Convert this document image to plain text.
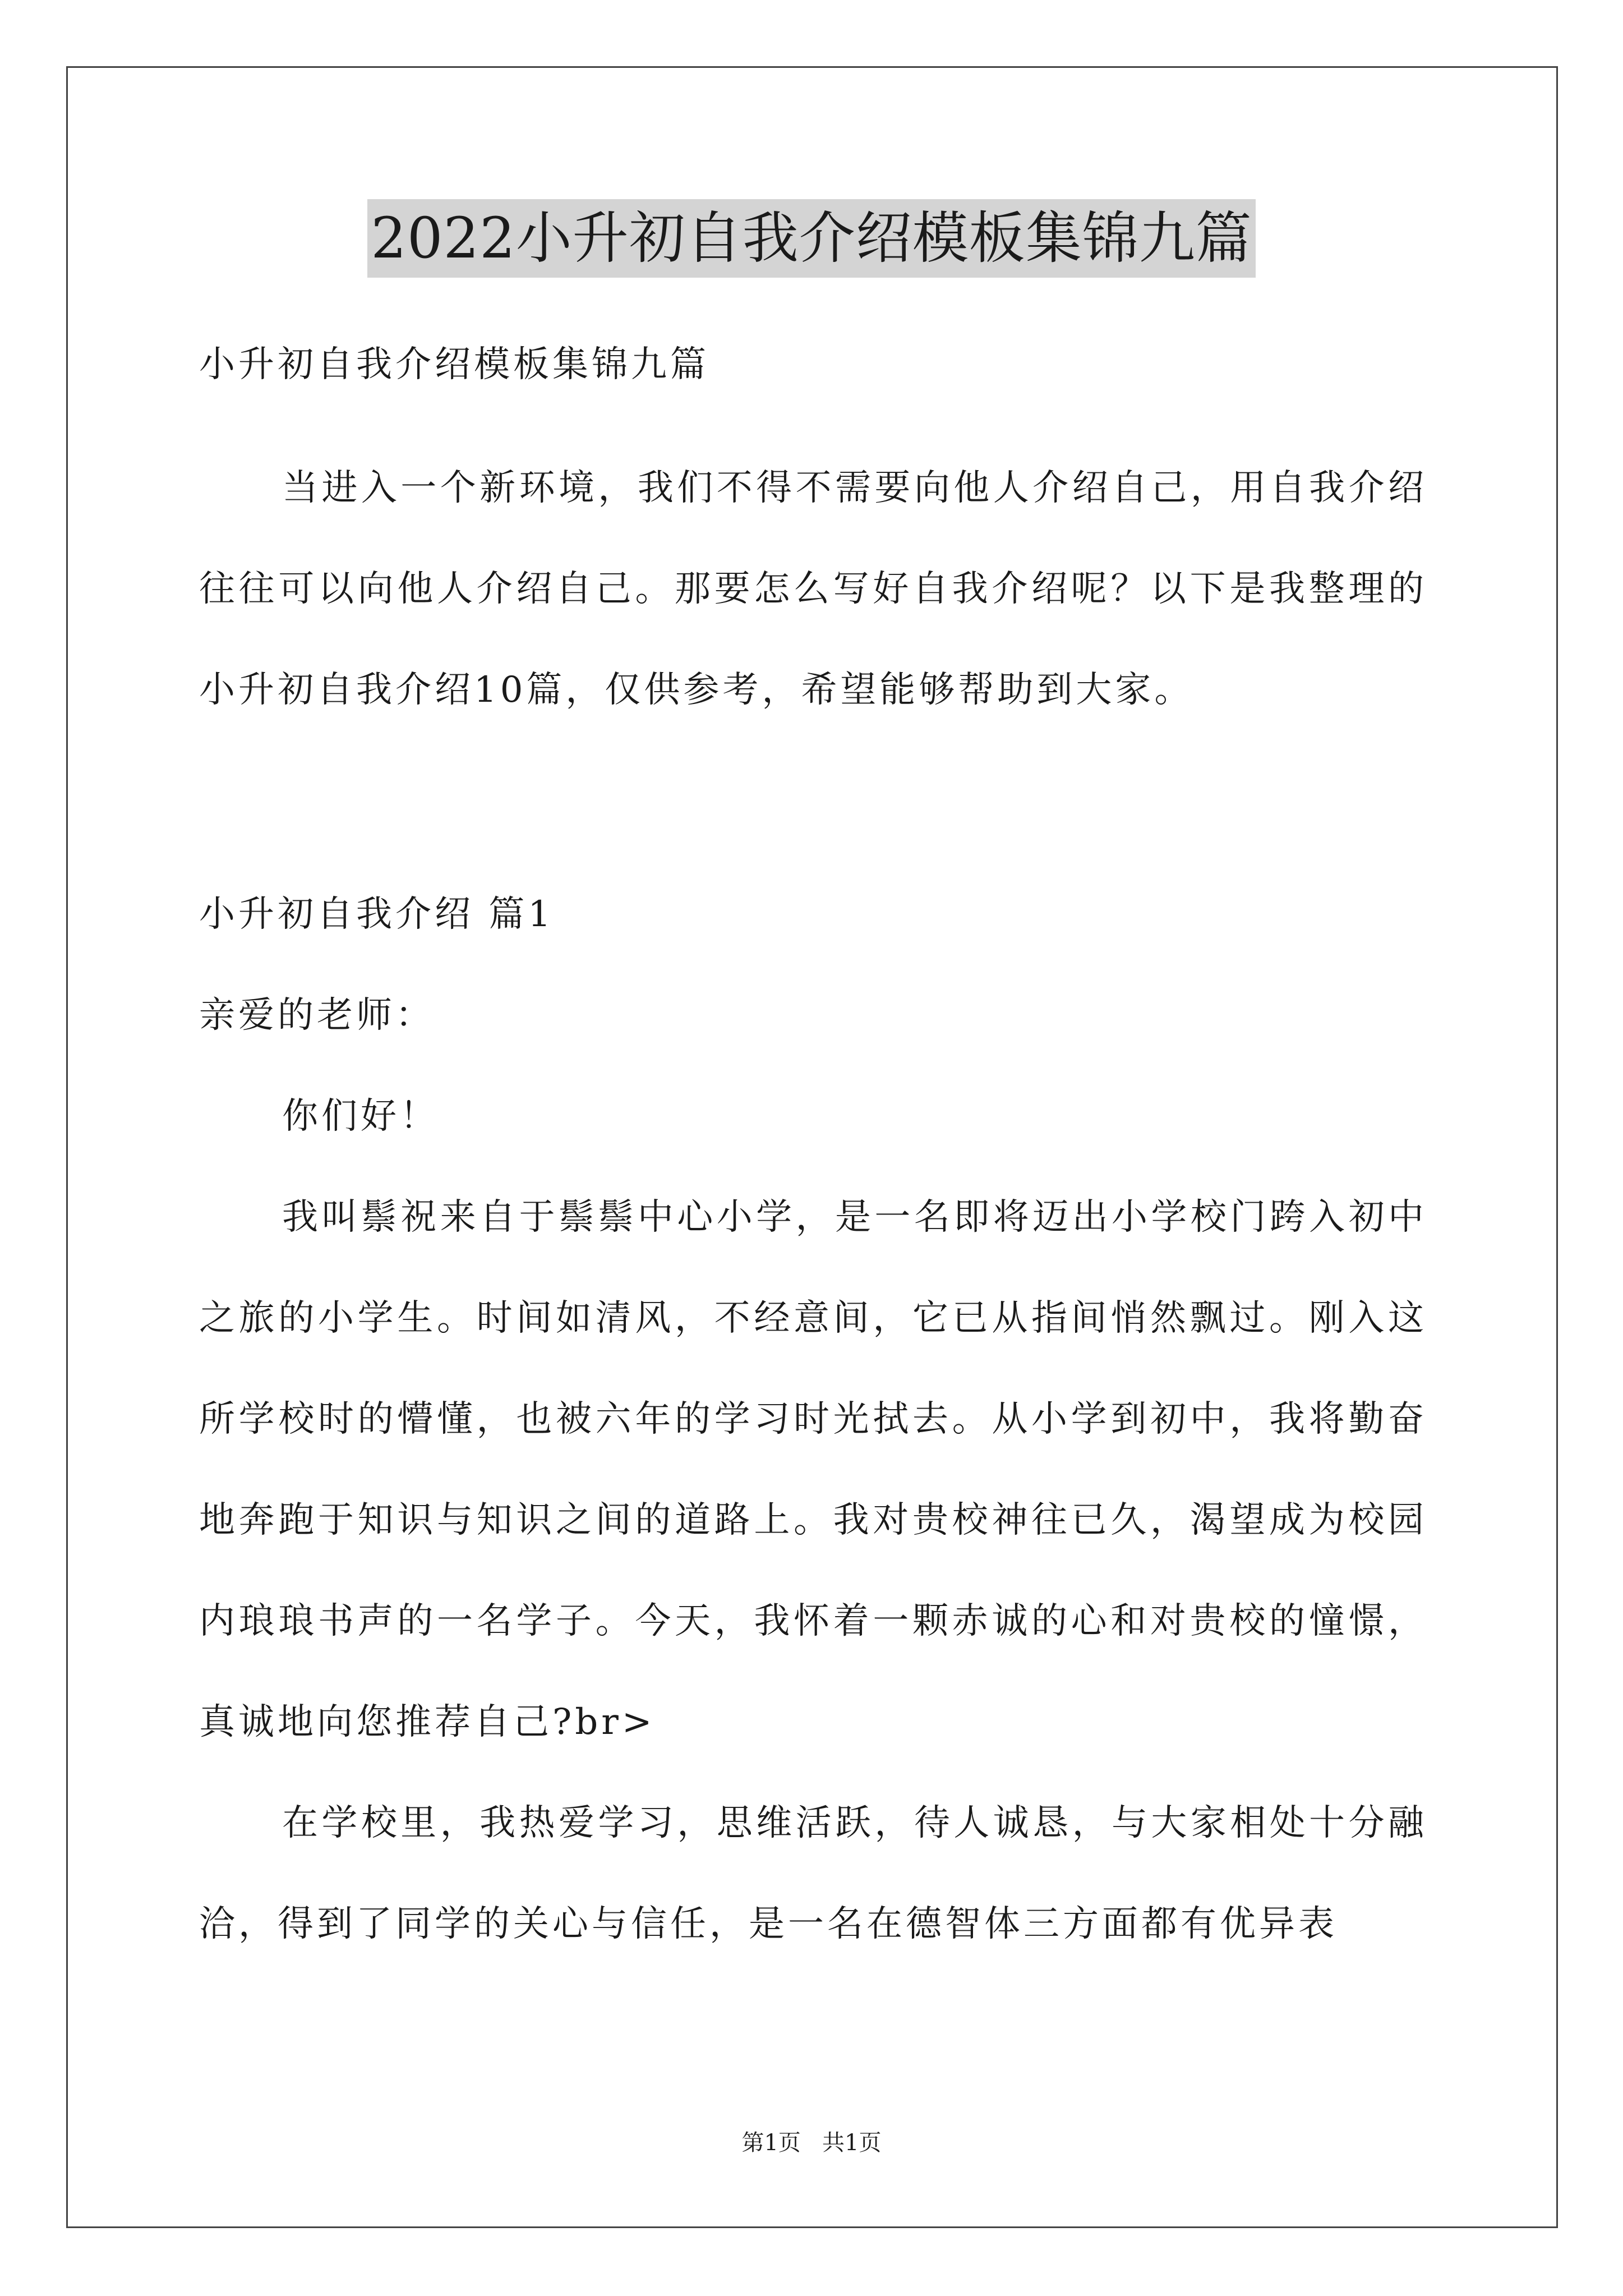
2022小升初自我介绍模板集锦九篇

小升初自我介绍模板集锦九篇

当进入一个新环境，我们不得不需要向他人介绍自己，用自我介绍往往可以向他人介绍自己。那要怎么写好自我介绍呢？以下是我整理的小升初自我介绍10篇，仅供参考，希望能够帮助到大家。

小升初自我介绍 篇1

亲爱的老师：

你们好！

我叫鬃祝来自于鬃鬃中心小学，是一名即将迈出小学校门跨入初中之旅的小学生。时间如清风，不经意间，它已从指间悄然飘过。刚入这所学校时的懵懂，也被六年的学习时光拭去。从小学到初中，我将勤奋地奔跑于知识与知识之间的道路上。我对贵校神往已久，渴望成为校园内琅琅书声的一名学子。今天，我怀着一颗赤诚的心和对贵校的憧憬，真诚地向您推荐自己?br>

在学校里，我热爱学习，思维活跃，待人诚恳，与大家相处十分融洽，得到了同学的关心与信任，是一名在德智体三方面都有优异表

第1页   共1页
